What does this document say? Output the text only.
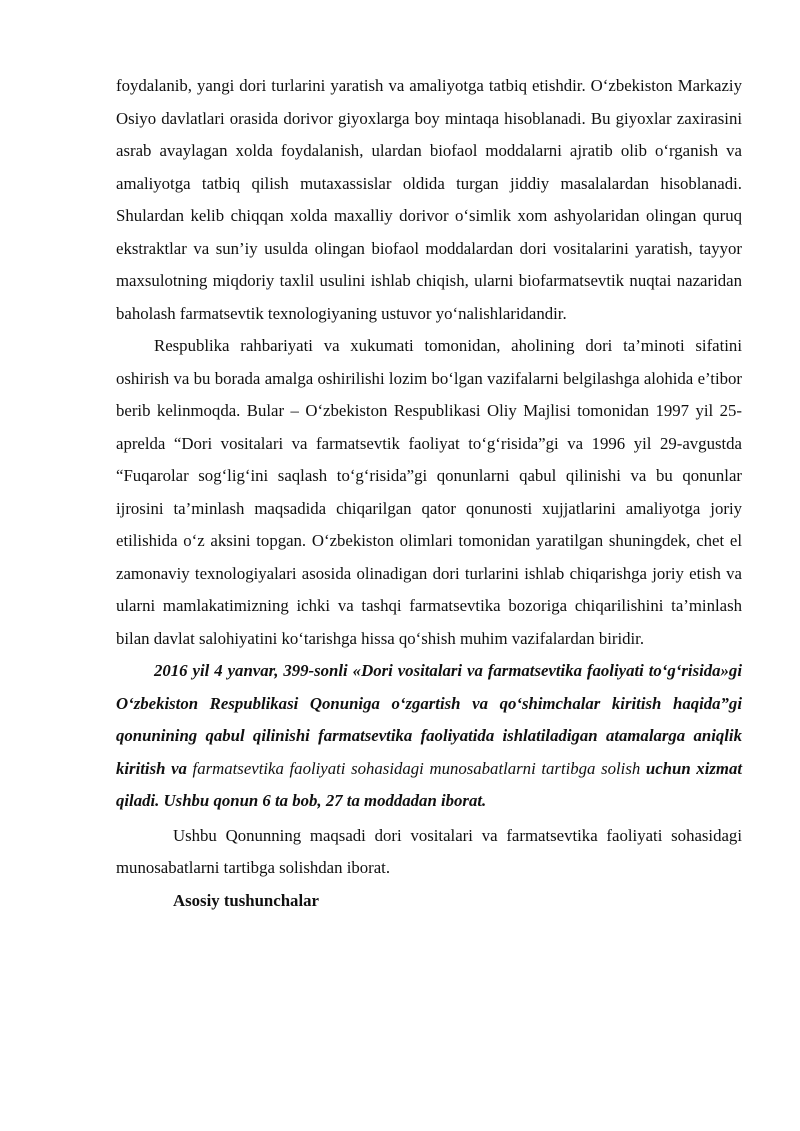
foydalanib, yangi dori turlarini yaratish va amaliyotga tatbiq etishdir. O‘zbekiston Markaziy Osiyo davlatlari orasida dorivor giyoxlarga boy mintaqa hisoblanadi. Bu giyoxlar zaxirasini asrab avaylagan xolda foydalanish, ulardan biofaol moddalarni ajratib olib o‘rganish va amaliyotga tatbiq qilish mutaxassislar oldida turgan jiddiy masalalardan hisoblanadi. Shulardan kelib chiqqan xolda maxalliy dorivor o‘simlik xom ashyolaridan olingan quruq ekstraktlar va sun’iy usulda olingan biofaol moddalardan dori vositalarini yaratish, tayyor maxsulotning miqdoriy taxlil usulini ishlab chiqish, ularni biofarmatsevtik nuqtai nazaridan baholash farmatsevtik texnologiyaning ustuvor yo‘nalishlaridandir.

Respublika rahbariyati va xukumati tomonidan, aholining dori ta’minoti sifatini oshirish va bu borada amalga oshirilishi lozim bo‘lgan vazifalarni belgilashga alohida e’tibor berib kelinmoqda. Bular – O‘zbekiston Respublikasi Oliy Majlisi tomonidan 1997 yil 25-aprelda “Dori vositalari va farmatsevtik faoliyat to‘g‘risida”gi va 1996 yil 29-avgustda “Fuqarolar sog‘lig‘ini saqlash to‘g‘risida”gi qonunlarni qabul qilinishi va bu qonunlar ijrosini ta’minlash maqsadida chiqarilgan qator qonunosti xujjatlarini amaliyotga joriy etilishida o‘z aksini topgan. O‘zbekiston olimlari tomonidan yaratilgan shuningdek, chet el zamonaviy texnologiyalari asosida olinadigan dori turlarini ishlab chiqarishga joriy etish va ularni mamlakatimizning ichki va tashqi farmatsevtika bozoriga chiqarilishini ta’minlash bilan davlat salohiyatini ko‘tarishga hissa qo‘shish muhim vazifalardan biridir.

2016 yil 4 yanvar, 399-sonli «Dori vositalari va farmatsevtika faoliyati to‘g‘risida»gi O‘zbekiston Respublikasi Qonuniga o‘zgartish va qo‘shimchalar kiritish haqida”gi qonunining qabul qilinishi farmatsevtika faoliyatida ishlatiladigan atamalarga aniqlik kiritish va farmatsevtika faoliyati sohasidagi munosabatlarni tartibga solish uchun xizmat qiladi. Ushbu qonun 6 ta bob, 27 ta moddadan iborat.

Ushbu Qonunning maqsadi dori vositalari va farmatsevtika faoliyati sohasidagi munosabatlarni tartibga solishdan iborat.

Asosiy tushunchalar
